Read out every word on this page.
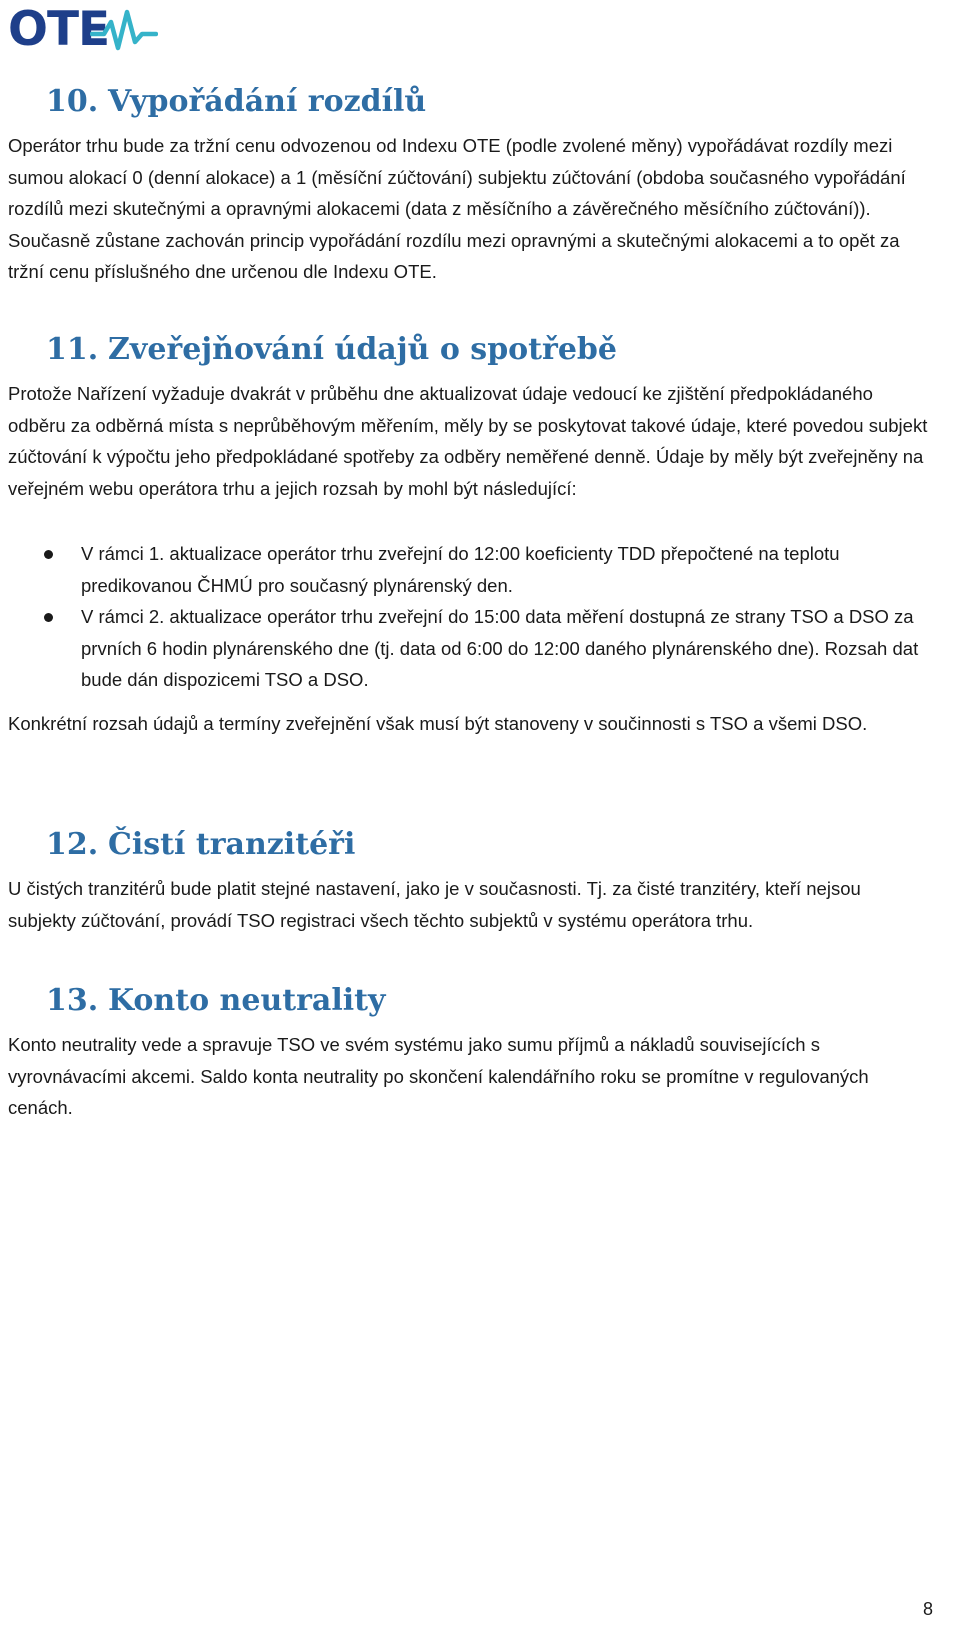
OTE
10. Vypořádání rozdílů

Operátor trhu bude za tržní cenu odvozenou od Indexu OTE (podle zvolené měny) vypořádávat rozdíly mezi sumou alokací 0 (denní alokace) a 1 (měsíční zúčtování) subjektu zúčtování (obdoba současného vypořádání rozdílů mezi skutečnými a opravnými alokacemi (data z měsíčního a závěrečného měsíčního zúčtování)). Současně zůstane zachován princip vypořádání rozdílu mezi opravnými a skutečnými alokacemi a to opět za tržní cenu příslušného dne určenou dle Indexu OTE.

11. Zveřejňování údajů o spotřebě

Protože Nařízení vyžaduje dvakrát v průběhu dne aktualizovat údaje vedoucí ke zjištění předpokládaného odběru za odběrná místa s neprůběhovým měřením, měly by se poskytovat takové údaje, které povedou subjekt zúčtování k výpočtu jeho předpokládané spotřeby za odběry neměřené denně. Údaje by měly být zveřejněny na veřejném webu operátora trhu a jejich rozsah by mohl být následující:

V rámci 1. aktualizace operátor trhu zveřejní do 12:00 koeficienty TDD přepočtené na teplotu predikovanou ČHMÚ pro současný plynárenský den.
V rámci 2. aktualizace operátor trhu zveřejní do 15:00 data měření dostupná ze strany TSO a DSO za prvních 6 hodin plynárenského dne (tj. data od 6:00 do 12:00 daného plynárenského dne). Rozsah dat bude dán dispozicemi TSO a DSO.

Konkrétní rozsah údajů a termíny zveřejnění však musí být stanoveny v součinnosti s TSO a všemi DSO.

12. Čistí tranzitéři

U čistých tranzitérů bude platit stejné nastavení, jako je v současnosti. Tj. za čisté tranzitéry, kteří nejsou subjekty zúčtování, provádí TSO registraci všech těchto subjektů v systému operátora trhu.

13. Konto neutrality

Konto neutrality vede a spravuje TSO ve svém systému jako sumu příjmů a nákladů souvisejících s vyrovnávacími akcemi. Saldo konta neutrality po skončení kalendářního roku se promítne v regulovaných cenách.

8
